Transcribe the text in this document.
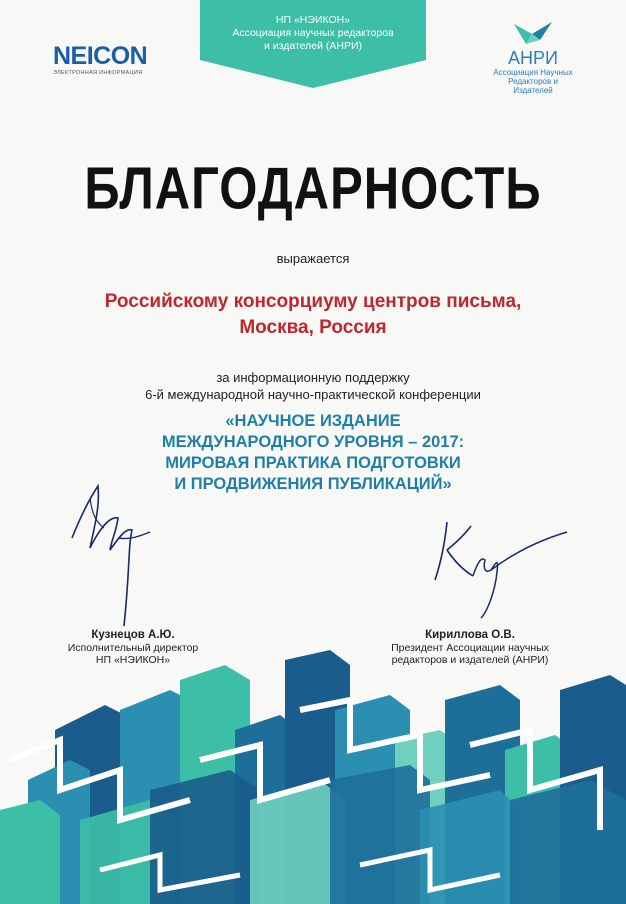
НП «НЭИКОН»
Ассоциация научных редакторов
и издателей (АНРИ)
NEICON
ЭЛЕКТРОННАЯ ИНФОРМАЦИЯ
АНРИ
Ассоциация Научных
Редакторов и Издателей
БЛАГОДАРНОСТЬ
выражается
Российскому консорциуму центров письма,
Москва, Россия
за информационную поддержку
6-й международной научно-практической конференции
«НАУЧНОЕ ИЗДАНИЕ
МЕЖДУНАРОДНОГО УРОВНЯ – 2017:
МИРОВАЯ ПРАКТИКА ПОДГОТОВКИ
И ПРОДВИЖЕНИЯ ПУБЛИКАЦИЙ»
Кузнецов А.Ю.
Исполнительный директор
НП «НЭИКОН»
Кириллова О.В.
Президент Ассоциации научных
редакторов и издателей (АНРИ)
